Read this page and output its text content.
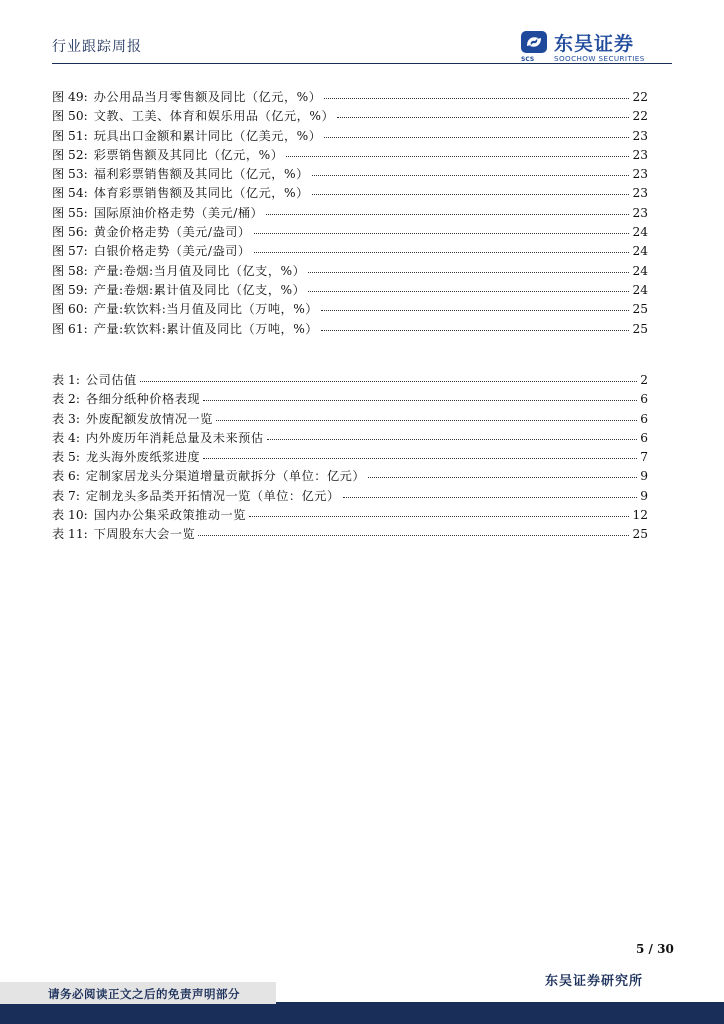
行业跟踪周报
SCS
东吴证券
SOOCHOW SECURITIES
图 49: 办公用品当月零售额及同比（亿元，%）	22
图 50: 文教、工美、体育和娱乐用品（亿元，%）	22
图 51: 玩具出口金额和累计同比（亿美元，%）	23
图 52: 彩票销售额及其同比（亿元，%）	23
图 53: 福利彩票销售额及其同比（亿元，%）	23
图 54: 体育彩票销售额及其同比（亿元，%）	23
图 55: 国际原油价格走势（美元/桶）	23
图 56: 黄金价格走势（美元/盎司）	24
图 57: 白银价格走势（美元/盎司）	24
图 58: 产量:卷烟:当月值及同比（亿支，%）	24
图 59: 产量:卷烟:累计值及同比（亿支，%）	24
图 60: 产量:软饮料:当月值及同比（万吨，%）	25
图 61: 产量:软饮料:累计值及同比（万吨，%）	25
表 1: 公司估值	2
表 2: 各细分纸种价格表现	6
表 3: 外废配额发放情况一览	6
表 4: 内外废历年消耗总量及未来预估	6
表 5: 龙头海外废纸浆进度	7
表 6: 定制家居龙头分渠道增量贡献拆分（单位：亿元）	9
表 7: 定制龙头多品类开拓情况一览（单位：亿元）	9
表 10: 国内办公集采政策推动一览	12
表 11: 下周股东大会一览	25
5 / 30
东吴证券研究所
请务必阅读正文之后的免责声明部分
